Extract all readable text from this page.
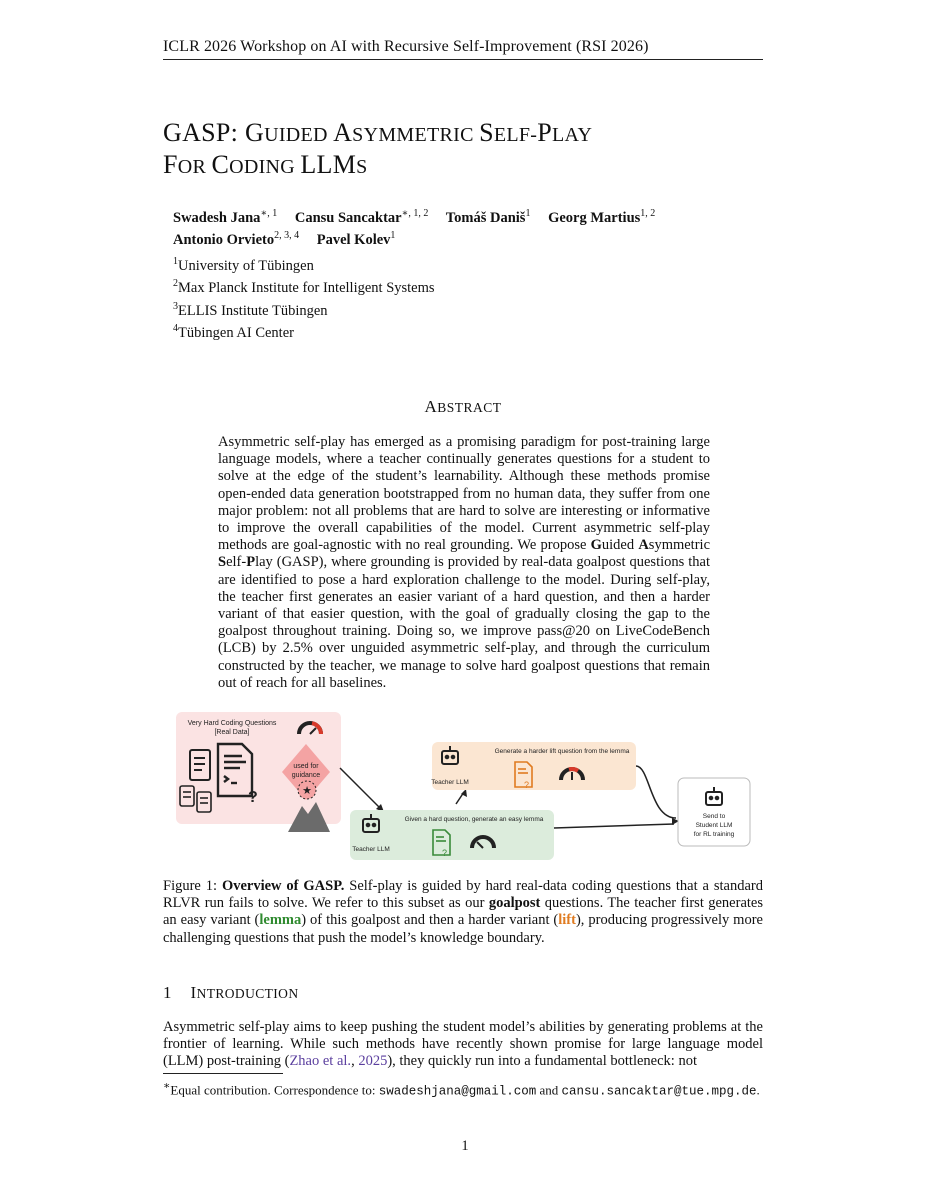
ICLR 2026 Workshop on AI with Recursive Self-Improvement (RSI 2026)
GASP: GUIDED ASYMMETRIC SELF-PLAY
FOR CODING LLMS
Swadesh Jana$^{∗, 1}$ Cansu Sancaktar$^{∗, 1, 2}$ Tomáš Daniš$^1$ Georg Martius$^{1, 2}$
Antonio Orvieto$^{2, 3, 4}$ Pavel Kolev$^1$
$^1$University of Tübingen
$^2$Max Planck Institute for Intelligent Systems
$^3$ELLIS Institute Tübingen
$^4$Tübingen AI Center
ABSTRACT
Asymmetric self-play has emerged as a promising paradigm for post-training large language models, where a teacher continually generates questions for a student to solve at the edge of the student’s learnability. Although these methods promise open-ended data generation bootstrapped from no human data, they suffer from one major problem: not all problems that are hard to solve are interesting or informative to improve the overall capabilities of the model. Current asymmetric self-play methods are goal-agnostic with no real grounding. We propose Guided Asymmetric Self-Play (GASP), where grounding is provided by real-data goalpost questions that are identified to pose a hard exploration challenge to the model. During self-play, the teacher first generates an easier variant of a hard question, and then a harder variant of that easier question, with the goal of gradually closing the gap to the goalpost throughout training. Doing so, we improve pass@20 on LiveCodeBench (LCB) by 2.5% over unguided asymmetric self-play, and through the curriculum constructed by the teacher, we manage to solve hard goalpost questions that remain out of reach for all baselines.
Very Hard Coding Questions
[Real Data]
?
used for
guidance
★
Teacher LLM
Given a hard question, generate an easy lemma
?
Teacher LLM
Generate a harder lift question from the lemma
?
Send to
Student LLM
for RL training
Figure 1: Overview of GASP. Self-play is guided by hard real-data coding questions that a standard RLVR run fails to solve. We refer to this subset as our goalpost questions. The teacher first generates an easy variant (lemma) of this goalpost and then a harder variant (lift), producing progressively more challenging questions that push the model’s knowledge boundary.
1 INTRODUCTION
Asymmetric self-play aims to keep pushing the student model’s abilities by generating problems at the frontier of learning. While such methods have recently shown promise for large language model (LLM) post-training (Zhao et al., 2025), they quickly run into a fundamental bottleneck: not
∗Equal contribution. Correspondence to: swadeshjana@gmail.com and cansu.sancaktar@tue.mpg.de.
1
